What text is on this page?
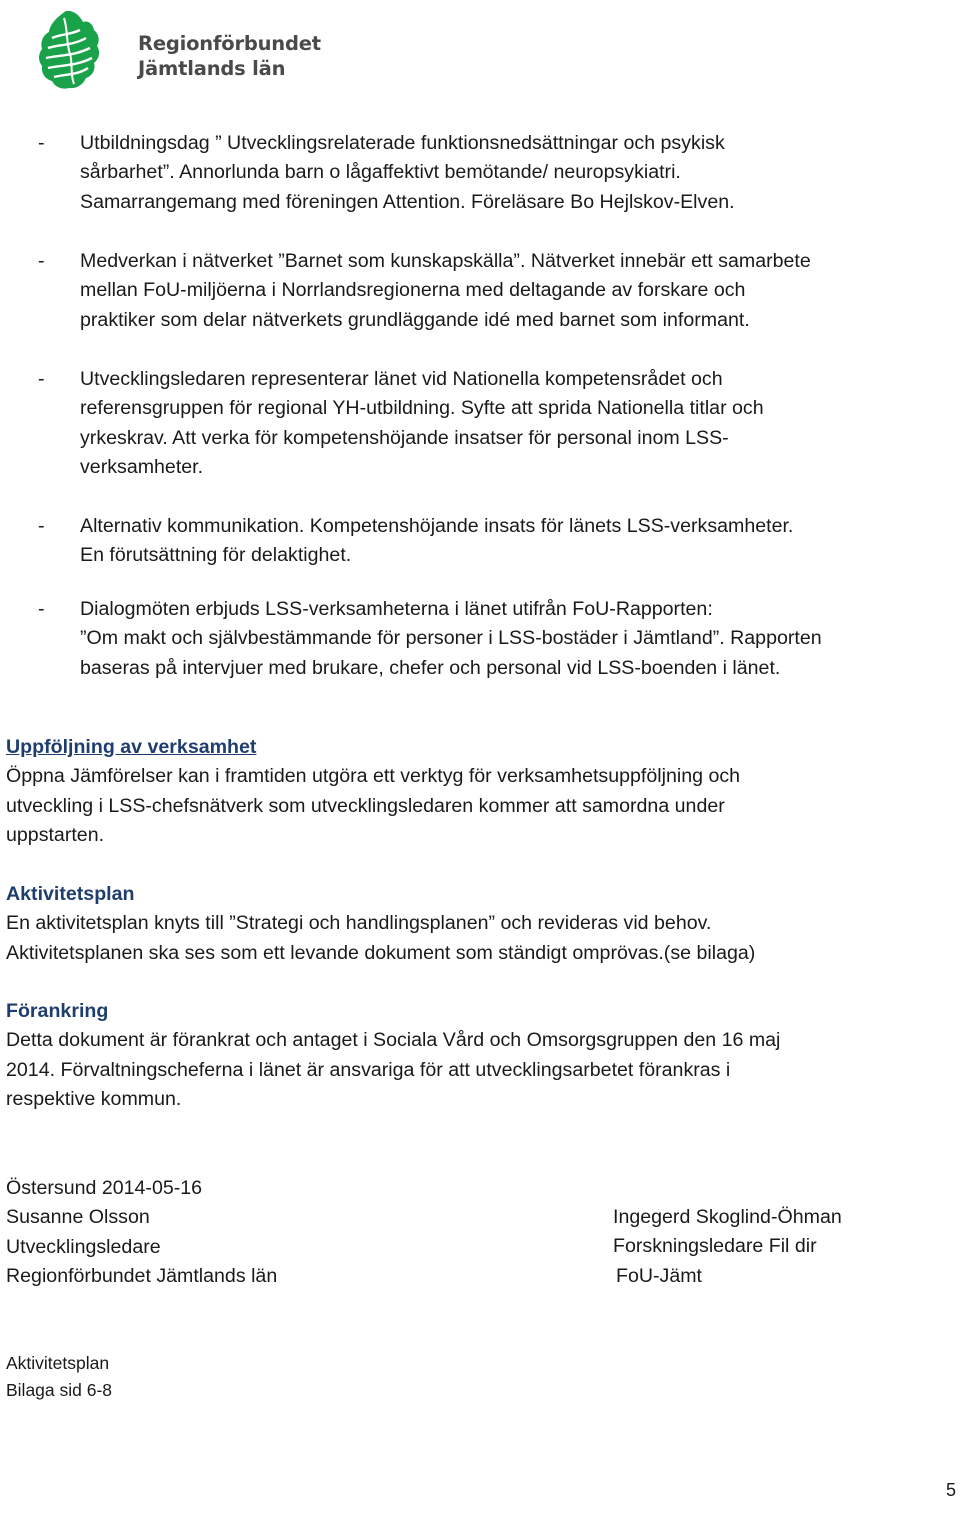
Regionförbundet
Jämtlands län
- Utbildningsdag ” Utvecklingsrelaterade funktionsnedsättningar och psykisk
sårbarhet”. Annorlunda barn o lågaffektivt bemötande/ neuropsykiatri.
Samarrangemang med föreningen Attention. Föreläsare Bo Hejlskov-Elven.
- Medverkan i nätverket ”Barnet som kunskapskälla”. Nätverket innebär ett samarbete
mellan FoU-miljöerna i Norrlandsregionerna med deltagande av forskare och
praktiker som delar nätverkets grundläggande idé med barnet som informant.
- Utvecklingsledaren representerar länet vid Nationella kompetensrådet och
referensgruppen för regional YH-utbildning. Syfte att sprida Nationella titlar och
yrkeskrav. Att verka för kompetenshöjande insatser för personal inom LSS-
verksamheter.
- Alternativ kommunikation. Kompetenshöjande insats för länets LSS-verksamheter.
En förutsättning för delaktighet.
- Dialogmöten erbjuds LSS-verksamheterna i länet utifrån FoU-Rapporten:
”Om makt och självbestämmande för personer i LSS-bostäder i Jämtland”. Rapporten
baseras på intervjuer med brukare, chefer och personal vid LSS-boenden i länet.
Uppföljning av verksamhet
Öppna Jämförelser kan i framtiden utgöra ett verktyg för verksamhetsuppföljning och
utveckling i LSS-chefsnätverk som utvecklingsledaren kommer att samordna under
uppstarten.
Aktivitetsplan
En aktivitetsplan knyts till ”Strategi och handlingsplanen” och revideras vid behov.
Aktivitetsplanen ska ses som ett levande dokument som ständigt omprövas.(se bilaga)
Förankring
Detta dokument är förankrat och antaget i Sociala Vård och Omsorgsgruppen den 16 maj
2014. Förvaltningscheferna i länet är ansvariga för att utvecklingsarbetet förankras i
respektive kommun.
Östersund 2014-05-16
Susanne Olsson
Utvecklingsledare
Regionförbundet Jämtlands län
Ingegerd Skoglind-Öhman
Forskningsledare Fil dir
FoU-Jämt
Aktivitetsplan
Bilaga sid 6-8
5
